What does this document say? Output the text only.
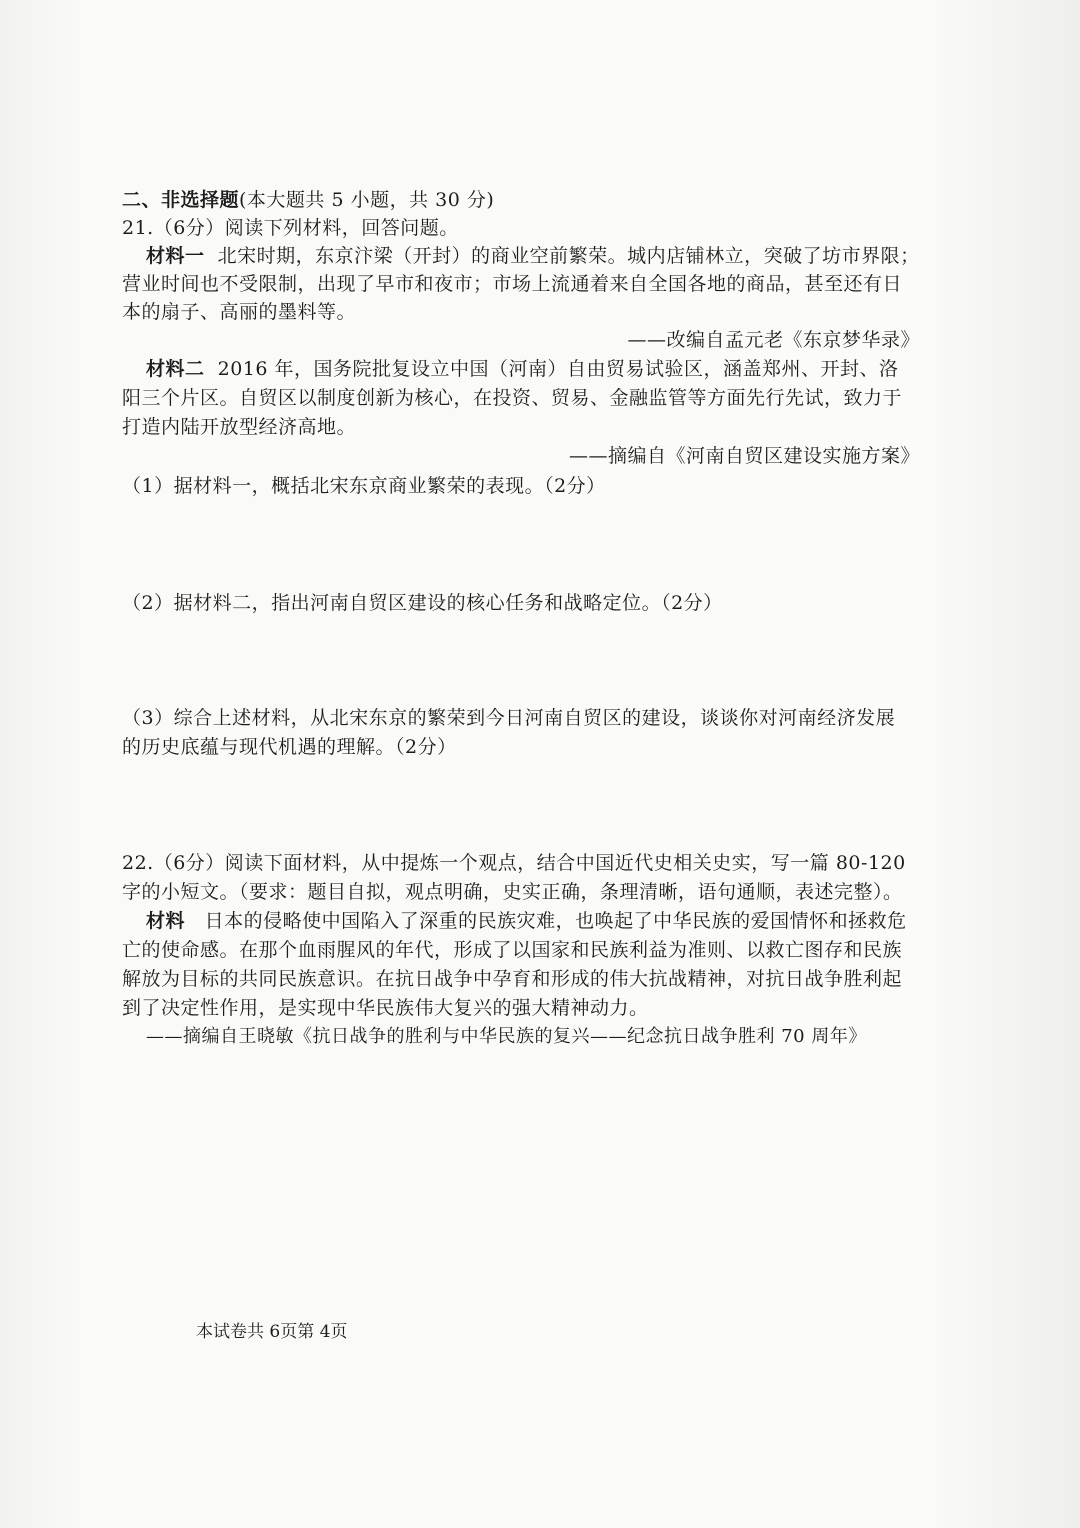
二、非选择题(本大题共 5 小题，共 30 分)
21.（6分）阅读下列材料，回答问题。
材料一 北宋时期，东京汴梁（开封）的商业空前繁荣。城内店铺林立，突破了坊市界限；
营业时间也不受限制，出现了早市和夜市；市场上流通着来自全国各地的商品，甚至还有日
本的扇子、高丽的墨料等。
——改编自孟元老《东京梦华录》
材料二 2016 年，国务院批复设立中国（河南）自由贸易试验区，涵盖郑州、开封、洛
阳三个片区。自贸区以制度创新为核心，在投资、贸易、金融监管等方面先行先试，致力于
打造内陆开放型经济高地。
——摘编自《河南自贸区建设实施方案》
（1）据材料一，概括北宋东京商业繁荣的表现。（2分）
（2）据材料二，指出河南自贸区建设的核心任务和战略定位。（2分）
（3）综合上述材料，从北宋东京的繁荣到今日河南自贸区的建设，谈谈你对河南经济发展
的历史底蕴与现代机遇的理解。（2分）
22.（6分）阅读下面材料，从中提炼一个观点，结合中国近代史相关史实，写一篇 80-120
字的小短文。（要求：题目自拟，观点明确，史实正确，条理清晰，语句通顺，表述完整）。
材料 日本的侵略使中国陷入了深重的民族灾难，也唤起了中华民族的爱国情怀和拯救危
亡的使命感。在那个血雨腥风的年代，形成了以国家和民族利益为准则、以救亡图存和民族
解放为目标的共同民族意识。在抗日战争中孕育和形成的伟大抗战精神，对抗日战争胜利起
到了决定性作用，是实现中华民族伟大复兴的强大精神动力。
——摘编自王晓敏《抗日战争的胜利与中华民族的复兴——纪念抗日战争胜利 70 周年》
本试卷共 6页第 4页
